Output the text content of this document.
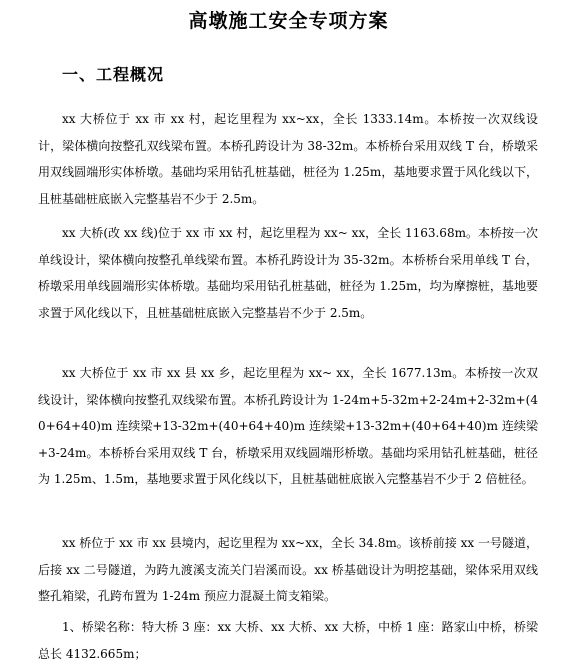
高墩施工安全专项方案
一、工程概况

xx 大桥位于 xx 市 xx 村，起讫里程为 xx~xx，全长 1333.14m。本桥按一次双线设计，梁体横向按整孔双线梁布置。本桥孔跨设计为 38-32m。本桥桥台采用双线 T 台，桥墩采用双线圆端形实体桥墩。基础均采用钻孔桩基础，桩径为 1.25m，基地要求置于风化线以下，且桩基础桩底嵌入完整基岩不少于 2.5m。

xx 大桥(改 xx 线)位于 xx 市 xx 村，起讫里程为 xx~ xx，全长 1163.68m。本桥按一次单线设计，梁体横向按整孔单线梁布置。本桥孔跨设计为 35-32m。本桥桥台采用单线 T 台，桥墩采用单线圆端形实体桥墩。基础均采用钻孔桩基础，桩径为 1.25m，均为摩擦桩，基地要求置于风化线以下，且桩基础桩底嵌入完整基岩不少于 2.5m。

xx 大桥位于 xx 市 xx 县 xx 乡，起讫里程为 xx~ xx，全长 1677.13m。本桥按一次双线设计，梁体横向按整孔双线梁布置。本桥孔跨设计为 1-24m+5-32m+2-24m+2-32m+(40+64+40)m 连续梁+13-32m+(40+64+40)m 连续梁+13-32m+(40+64+40)m 连续梁+3-24m。本桥桥台采用双线 T 台，桥墩采用双线圆端形桥墩。基础均采用钻孔桩基础，桩径为 1.25m、1.5m，基地要求置于风化线以下，且桩基础桩底嵌入完整基岩不少于 2 倍桩径。

xx 桥位于 xx 市 xx 县境内，起讫里程为 xx~xx，全长 34.8m。该桥前接 xx 一号隧道，后接 xx 二号隧道，为跨九渡溪支流关门岩溪而设。xx 桥基础设计为明挖基础，梁体采用双线整孔箱梁，孔跨布置为 1-24m 预应力混凝土简支箱梁。

1、桥梁名称：特大桥 3 座：xx 大桥、xx 大桥、xx 大桥，中桥 1 座：路家山中桥，桥梁总长 4132.665m；
